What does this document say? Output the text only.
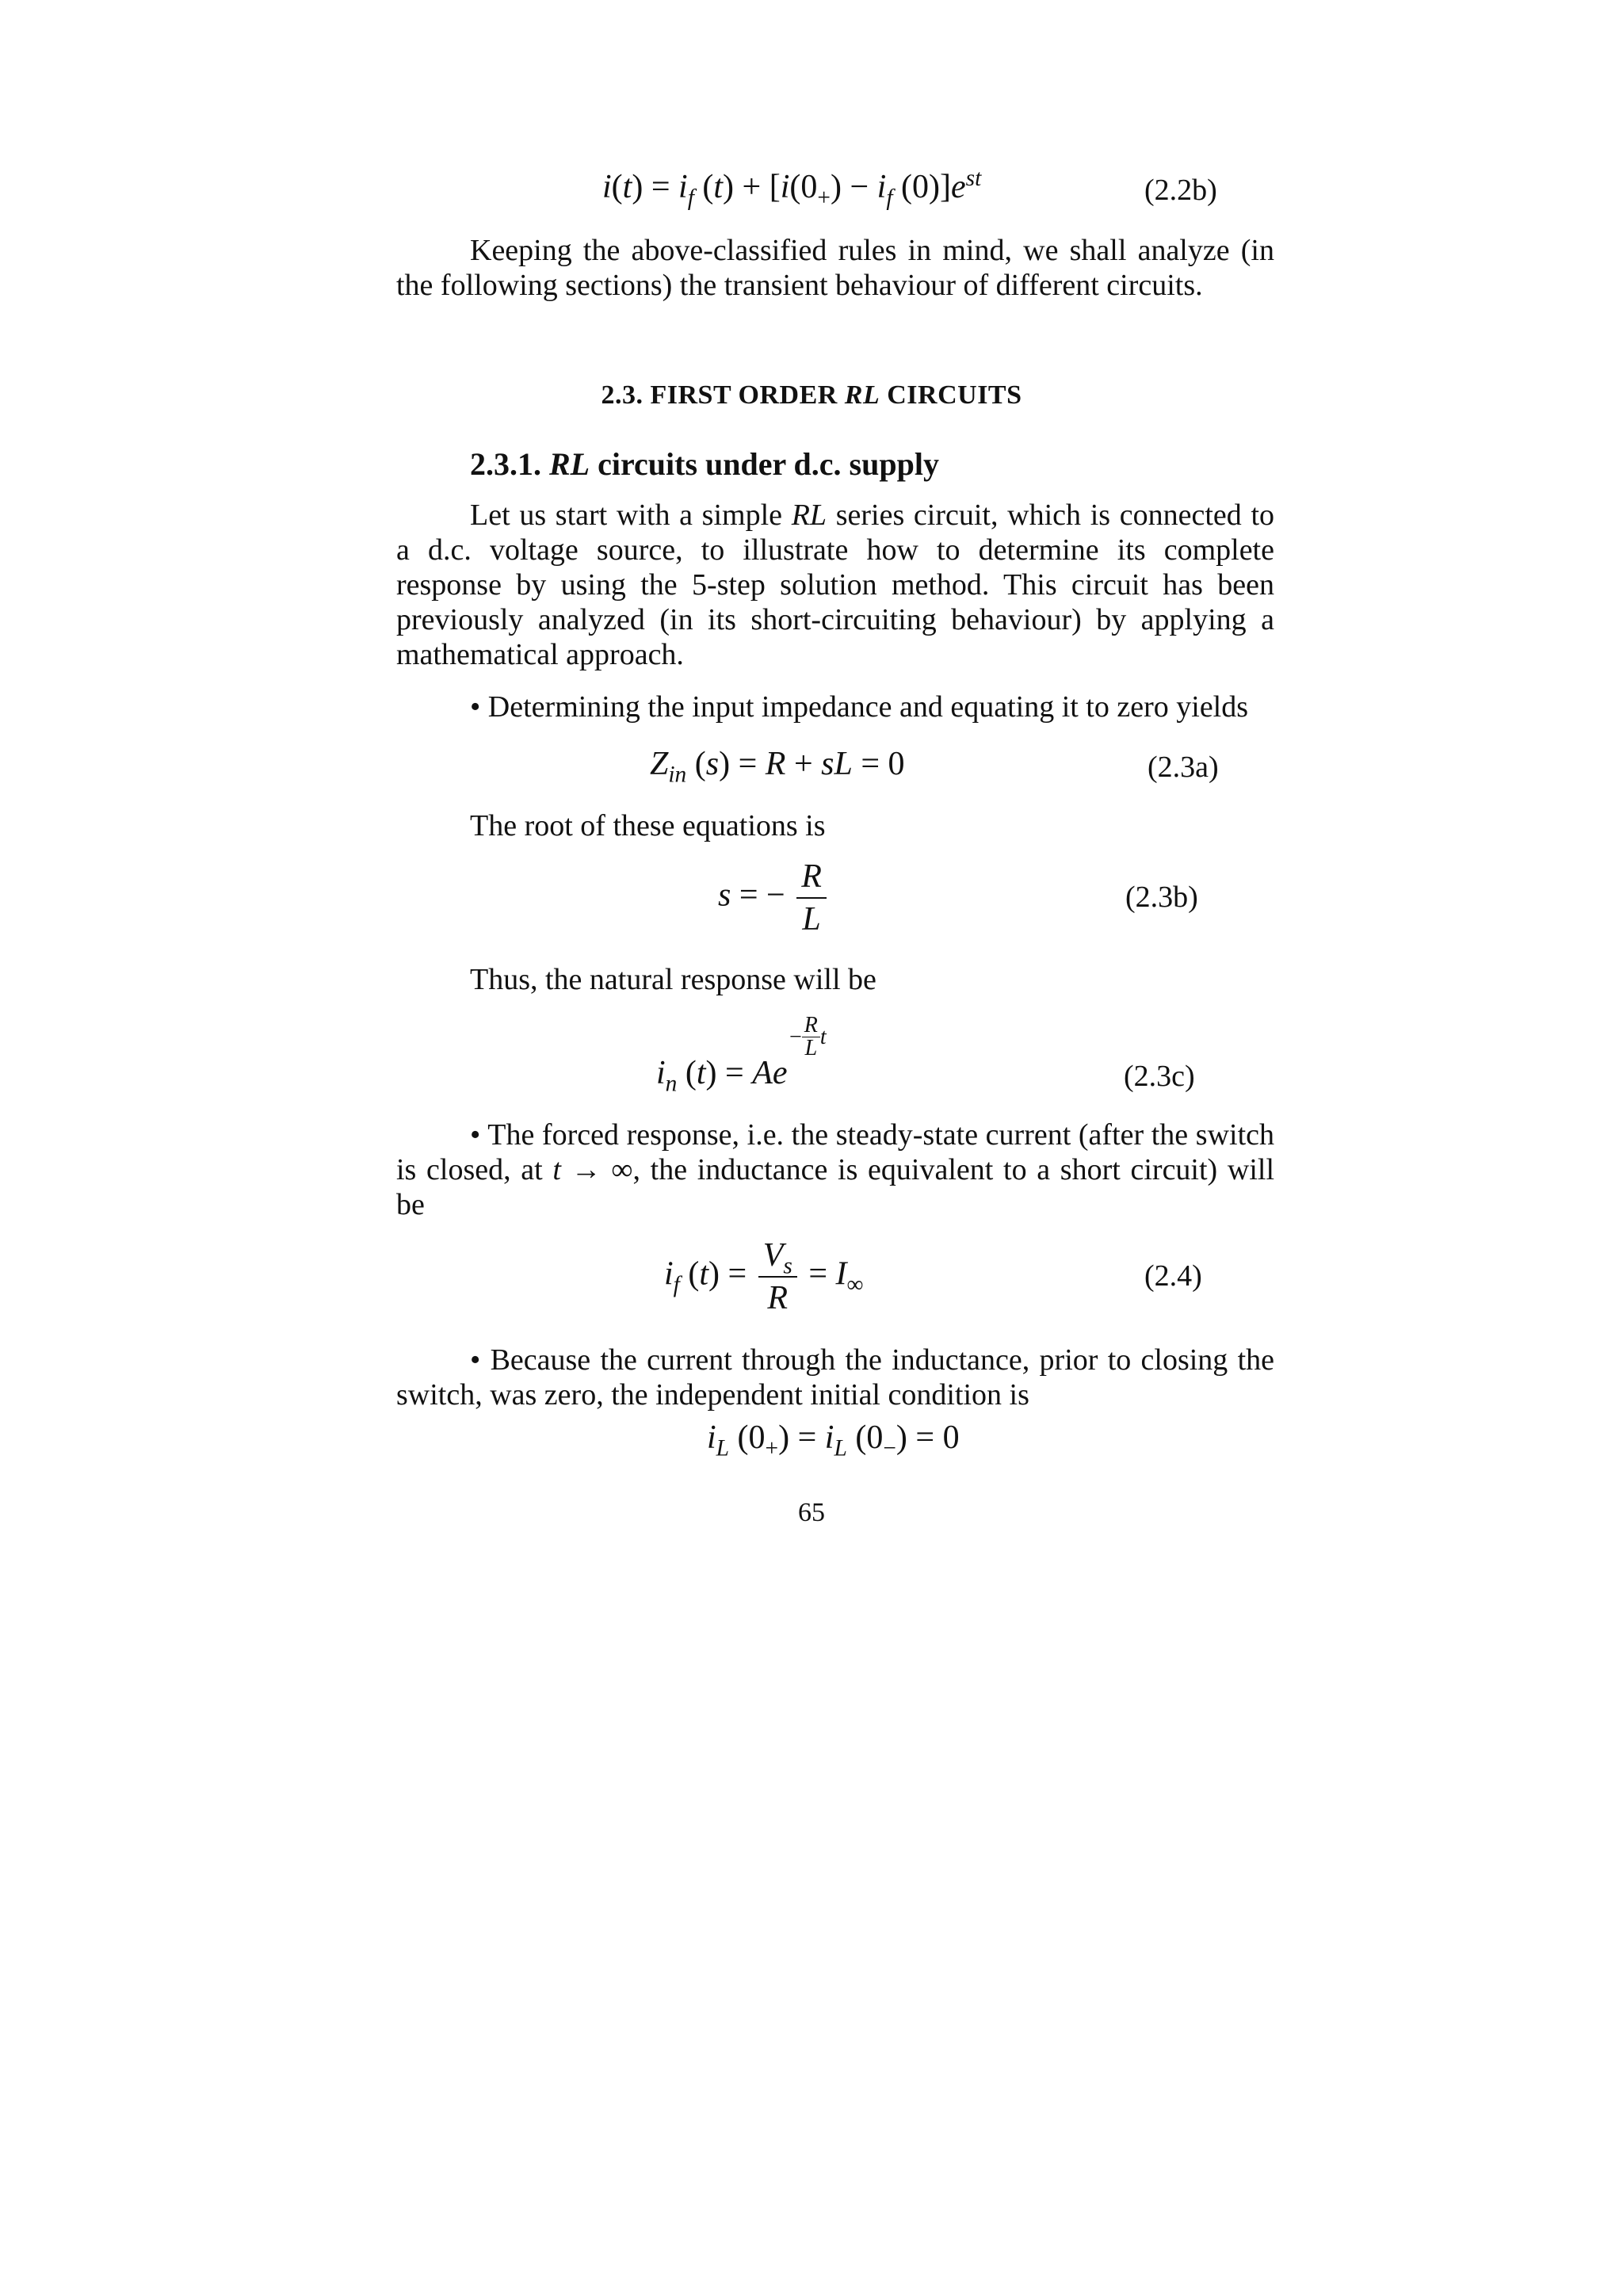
$i(t) = i_f$ $(t) + [i(0_+) - i_f$ $(0)]e^{st}$	(2.2b)

Keeping the above-classified rules in mind, we shall analyze (in the following sections) the transient behaviour of different circuits.

2.3. FIRST ORDER RL CIRCUITS
2.3.1. RL circuits under d.c. supply

Let us start with a simple RL series circuit, which is connected to a d.c. voltage source, to illustrate how to determine its complete response by using the 5-step solution method. This circuit has been previously analyzed (in its short-circuiting behaviour) by applying a mathematical approach.

• Determining the input impedance and equating it to zero yields
$Z_{in}$ (s) = R + sL = 0	(2.3a)
The root of these equations is
s = − $\frac{R}{L}$	(2.3b)
Thus, the natural response will be
$i_n$ (t) = Ae
− $\frac{R}{L}$ t
(2.3c)

• The forced response, i.e. the steady-state current (after the switch is closed, at t → ∞, the inductance is equivalent to a short circuit) will be

$i_f$ $(t) = \frac{V_s}{R} = I_\infty$	(2.4)

• Because the current through the inductance, prior to closing the switch, was zero, the independent initial condition is

$i_L$ $(0_+) = i_L$ $(0_-) = 0$
65
